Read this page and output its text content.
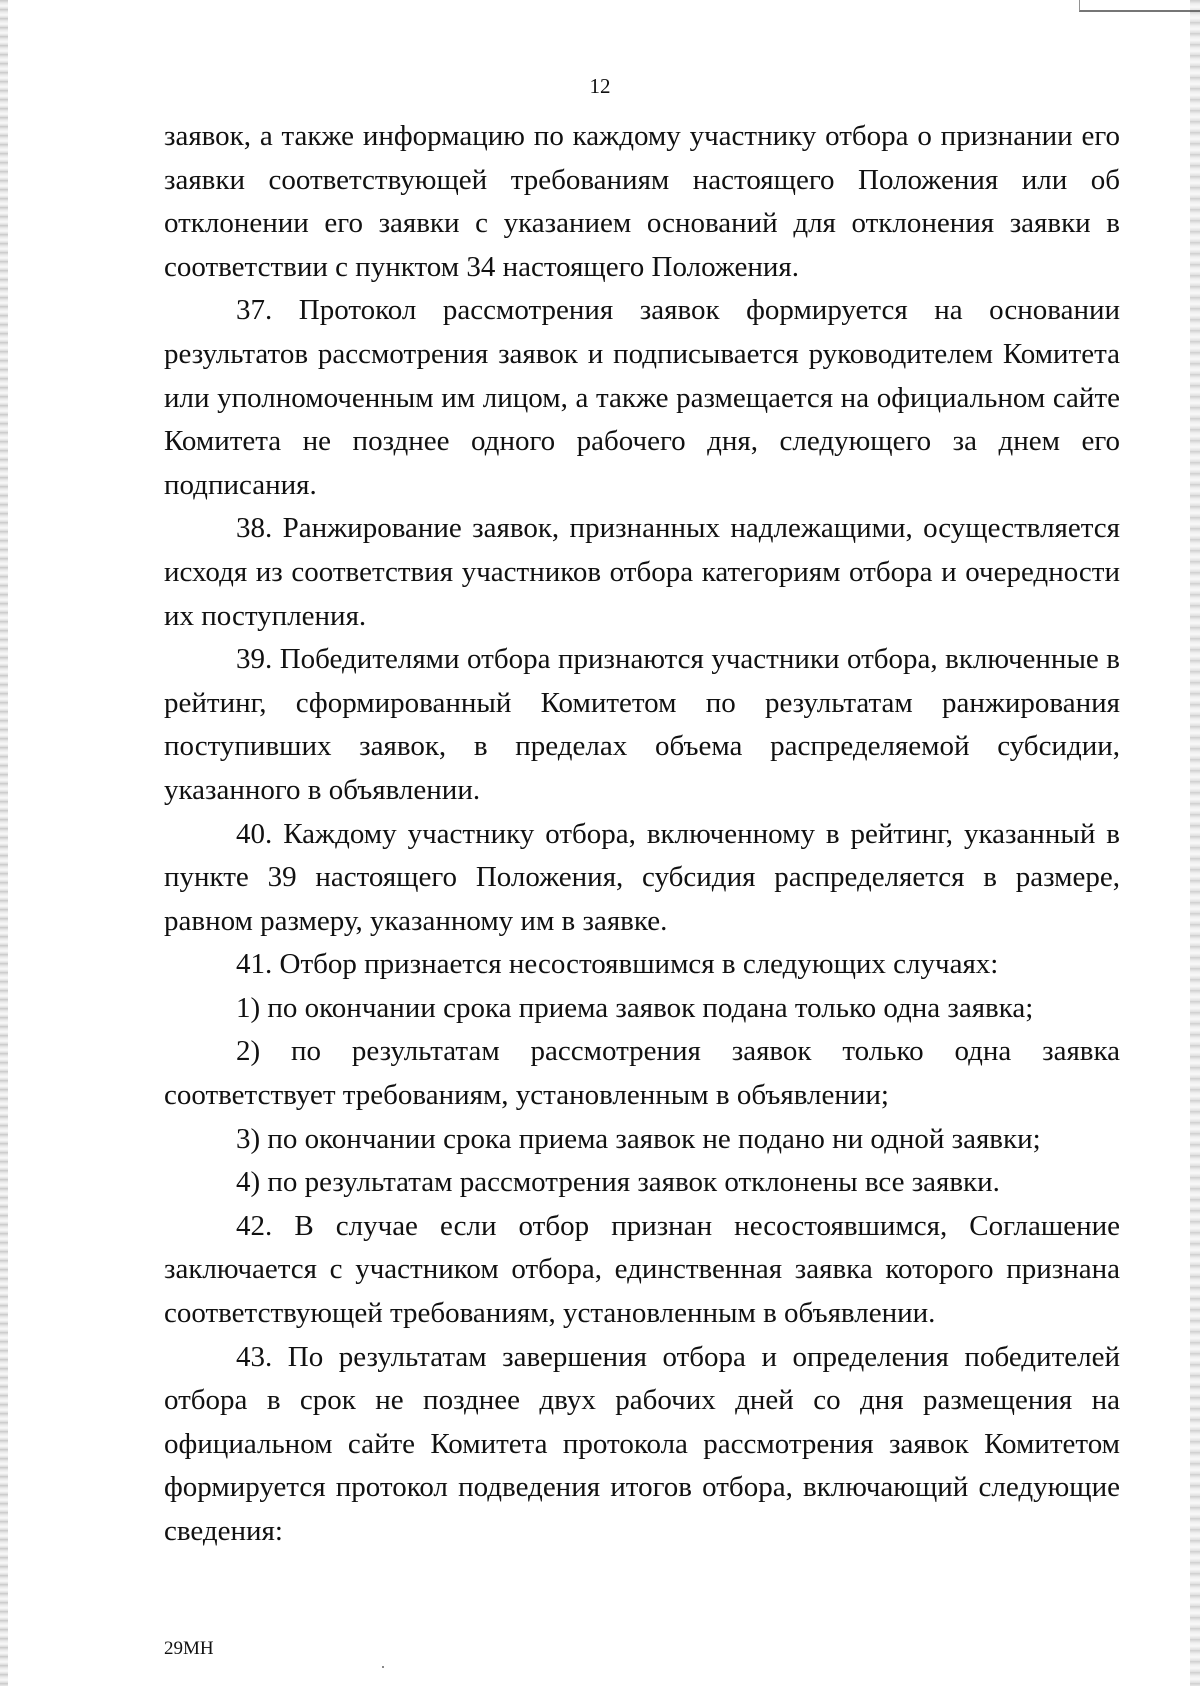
12

заявок, а также информацию по каждому участнику отбора о признании его заявки соответствующей требованиям настоящего Положения или об отклонении его заявки с указанием оснований для отклонения заявки в соответствии с пунктом 34 настоящего Положения.

37. Протокол рассмотрения заявок формируется на основании результатов рассмотрения заявок и подписывается руководителем Комитета или уполномоченным им лицом, а также размещается на официальном сайте Комитета не позднее одного рабочего дня, следующего за днем его подписания.

38. Ранжирование заявок, признанных надлежащими, осуществляется исходя из соответствия участников отбора категориям отбора и очередности их поступления.

39. Победителями отбора признаются участники отбора, включенные в рейтинг, сформированный Комитетом по результатам ранжирования поступивших заявок, в пределах объема распределяемой субсидии, указанного в объявлении.

40. Каждому участнику отбора, включенному в рейтинг, указанный в пункте 39 настоящего Положения, субсидия распределяется в размере, равном размеру, указанному им в заявке.

41. Отбор признается несостоявшимся в следующих случаях:

1) по окончании срока приема заявок подана только одна заявка;

2) по результатам рассмотрения заявок только одна заявка соответствует требованиям, установленным в объявлении;

3) по окончании срока приема заявок не подано ни одной заявки;

4) по результатам рассмотрения заявок отклонены все заявки.

42. В случае если отбор признан несостоявшимся, Соглашение заключается с участником отбора, единственная заявка которого признана соответствующей требованиям, установленным в объявлении.

43. По результатам завершения отбора и определения победителей отбора в срок не позднее двух рабочих дней со дня размещения на официальном сайте Комитета протокола рассмотрения заявок Комитетом формируется протокол подведения итогов отбора, включающий следующие сведения:

29МН
